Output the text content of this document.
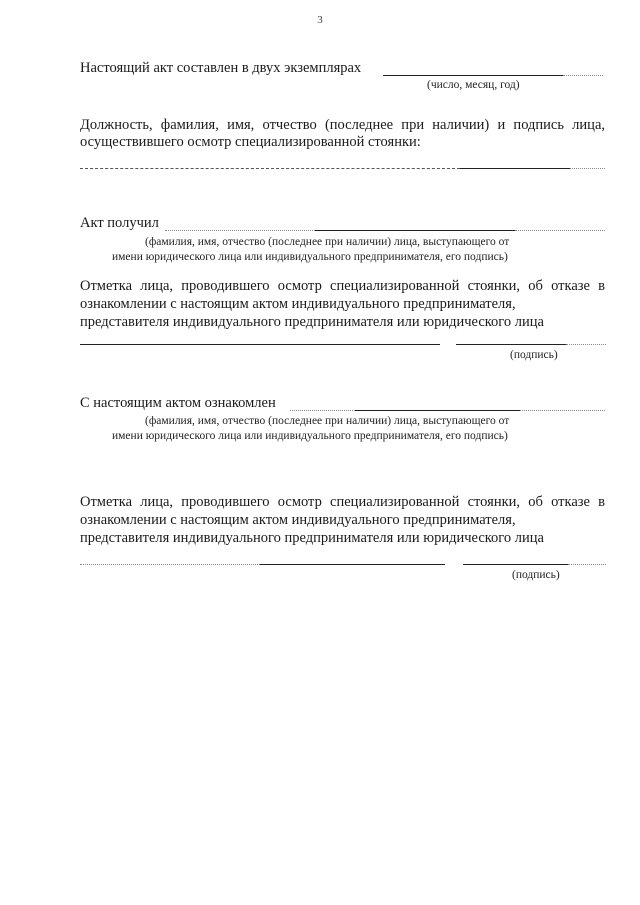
3
Настоящий акт составлен в двух экземплярах
(число, месяц, год)
Должность, фамилия, имя, отчество (последнее при наличии) и подпись лица,
осуществившего осмотр специализированной стоянки:
Акт получил
(фамилия, имя, отчество (последнее при наличии) лица, выступающего от
имени юридического лица или индивидуального предпринимателя, его подпись)
Отметка лица, проводившего осмотр специализированной стоянки, об отказе в
ознакомлении с настоящим актом индивидуального предпринимателя,
представителя индивидуального предпринимателя или юридического лица
(подпись)
С настоящим актом ознакомлен
(фамилия, имя, отчество (последнее при наличии) лица, выступающего от
имени юридического лица или индивидуального предпринимателя, его подпись)
Отметка лица, проводившего осмотр специализированной стоянки, об отказе в
ознакомлении с настоящим актом индивидуального предпринимателя,
представителя индивидуального предпринимателя или юридического лица
(подпись)
